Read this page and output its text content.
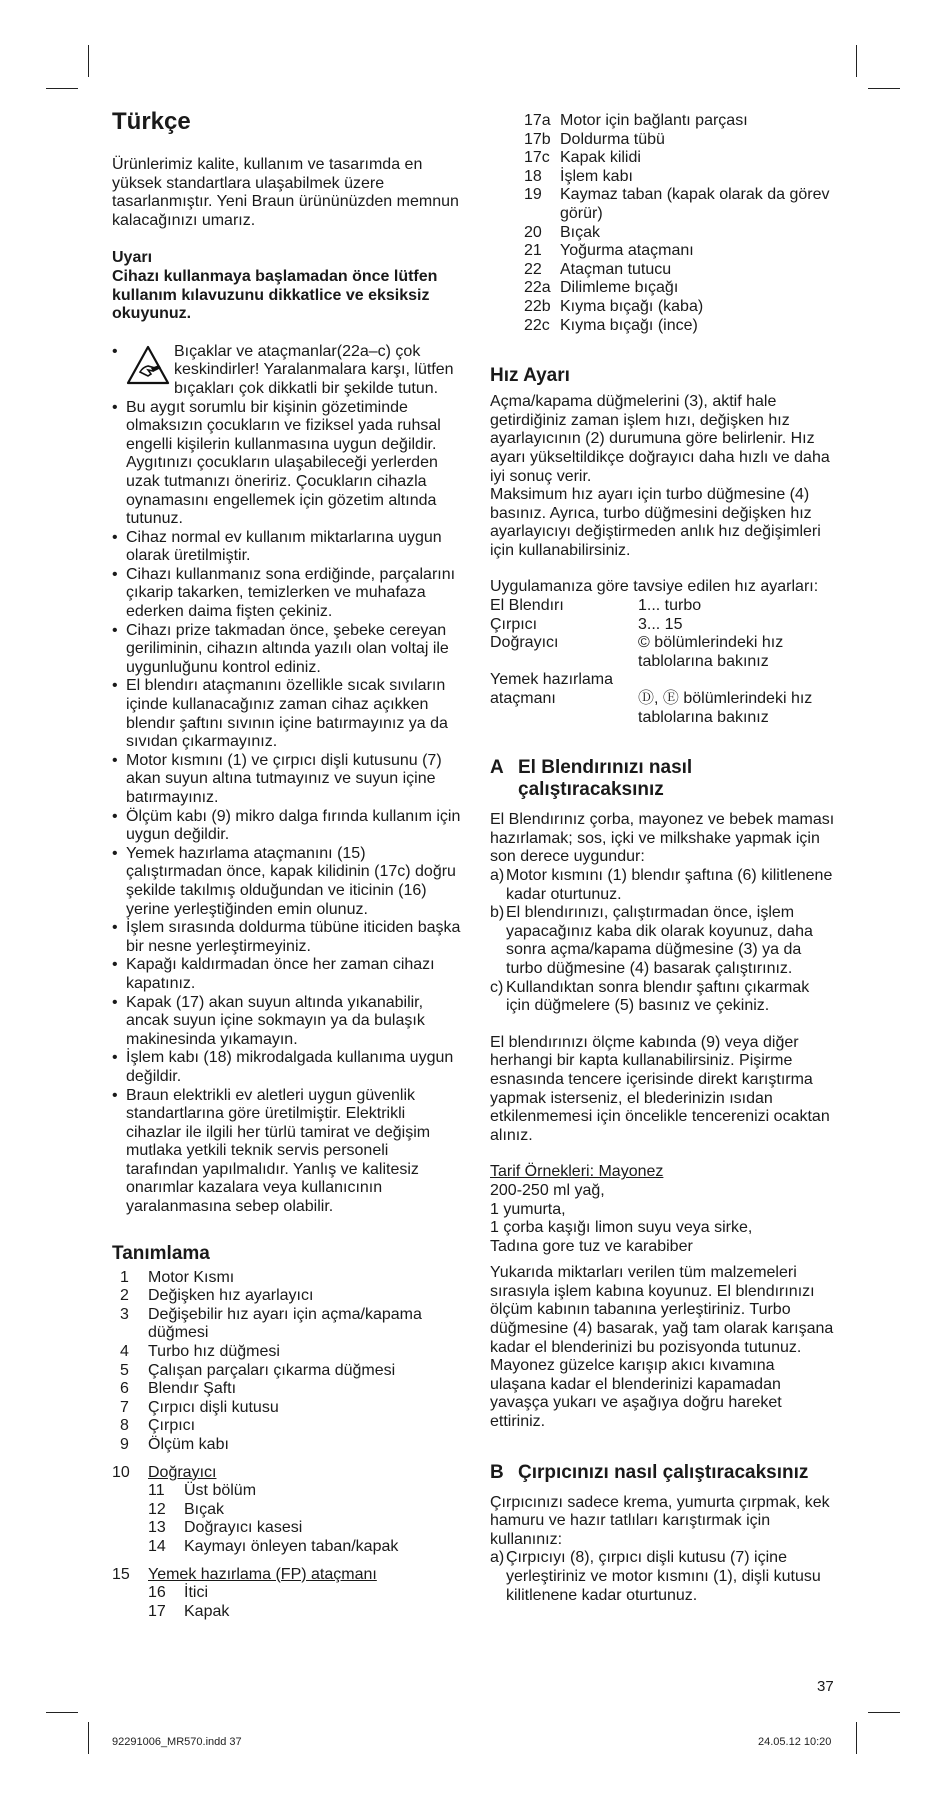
Türkçe

Ürünlerimiz kalite, kullanım ve tasarımda en yüksek standartlara ulaşabilmek üzere tasarlanmıştır. Yeni Braun ürününüzden memnun kalacağınızı umarız.

Uyarı

Cihazı kullanmaya başlamadan önce lütfen kullanım kılavuzunu dikkatlice ve eksiksiz okuyunuz.

• Bıçaklar ve ataçmanlar(22a–c) çok keskindirler! Yaralanmalara karşı, lütfen bıçakları çok dikkatli bir şekilde tutun.
• Bu aygıt sorumlu bir kişinin gözetiminde olmaksızın çocukların ve fiziksel yada ruhsal engelli kişilerin kullanmasına uygun değildir. Aygıtınızı çocukların ulaşabileceği yerlerden uzak tutmanızı öneririz. Çocukların cihazla oynamasını engellemek için gözetim altında tutunuz.
• Cihaz normal ev kullanım miktarlarına uygun olarak üretilmiştir.
• Cihazı kullanmanız sona erdiğinde, parçalarını çıkarip takarken, temizlerken ve muhafaza ederken daima fişten çekiniz.
• Cihazı prize takmadan önce, şebeke cereyan geriliminin, cihazın altında yazılı olan voltaj ile uygunluğunu kontrol ediniz.
• El blendırı ataçmanını özellikle sıcak sıvıların içinde kullanacağınız zaman cihaz açıkken blendır şaftını sıvının içine batırmayınız ya da sıvıdan çıkarmayınız.
• Motor kısmını (1) ve çırpıcı dişli kutusunu (7) akan suyun altına tutmayınız ve suyun içine batırmayınız.
• Ölçüm kabı (9) mikro dalga fırında kullanım için uygun değildir.
• Yemek hazırlama ataçmanını (15) çalıştırmadan önce, kapak kilidinin (17c) doğru şekilde takılmış olduğundan ve iticinin (16) yerine yerleştiğinden emin olunuz.
• İşlem sırasında doldurma tübüne iticiden başka bir nesne yerleştirmeyiniz.
• Kapağı kaldırmadan önce her zaman cihazı kapatınız.
• Kapak (17) akan suyun altında yıkanabilir, ancak suyun içine sokmayın ya da bulaşık makinesinda yıkamayın.
• İşlem kabı (18) mikrodalgada kullanıma uygun değildir.
• Braun elektrikli ev aletleri uygun güvenlik standartlarına göre üretilmiştir. Elektrikli cihazlar ile ilgili her türlü tamirat ve değişim mutlaka yetkili teknik servis personeli tarafından yapılmalıdır. Yanlış ve kalitesiz onarımlar kazalara veya kullanıcının yaralanmasına sebep olabilir.
Tanımlama
1	Motor Kısmı
2	Değişken hız ayarlayıcı
3	Değişebilir hız ayarı için açma/kapama düğmesi
4	Turbo hız düğmesi
5	Çalışan parçaları çıkarma düğmesi
6	Blendır Şaftı
7	Çırpıcı dişli kutusu
8	Çırpıcı
9	Ölçüm kabı
10	Doğrayıcı
11	Üst bölüm
12	Bıçak
13	Doğrayıcı kasesi
14	Kaymayı önleyen taban/kapak
15	Yemek hazırlama (FP) ataçmanı
16	İtici
17	Kapak
17a Motor için bağlantı parçası
17b Doldurma tübü
17c Kapak kilidi
18	İşlem kabı
19	Kaymaz taban (kapak olarak da görev görür)
20	Bıçak
21	Yoğurma ataçmanı
22	Ataçman tutucu
22a Dilimleme bıçağı
22b Kıyma bıçağı (kaba)
22c Kıyma bıçağı (ince)
Hız Ayarı

Açma/kapama düğmelerini (3), aktif hale getirdiğiniz zaman işlem hızı, değişken hız ayarlayıcının (2) durumuna göre belirlenir. Hız ayarı yükseltildikçe doğrayıcı daha hızlı ve daha iyi sonuç verir.

Maksimum hız ayarı için turbo düğmesine (4) basınız. Ayrıca, turbo düğmesini değişken hız ayarlayıcıyı değiştirmeden anlık hız değişimleri için kullanabilirsiniz.

Uygulamanıza göre tavsiye edilen hız ayarları:

El Blendırı	1... turbo
Çırpıcı	3... 15
Doğrayıcı	© bölümlerindeki hız tablolarına bakınız
Yemek hazırlama ataçmanı	Ⓓ, Ⓔ bölümlerindeki hız tablolarına bakınız
A El Blendırınızı nasıl çalıştıracaksınız

El Blendırınız çorba, mayonez ve bebek maması hazırlamak; sos, içki ve milkshake yapmak için son derece uygundur:

a) Motor kısmını (1) blendır şaftına (6) kilitlenene kadar oturtunuz.
b) El blendırınızı, çalıştırmadan önce, işlem yapacağınız kaba dik olarak koyunuz, daha sonra açma/kapama düğmesine (3) ya da turbo düğmesine (4) basarak çalıştırınız.
c) Kullandıktan sonra blendır şaftını çıkarmak için düğmelere (5) basınız ve çekiniz.

El blendırınızı ölçme kabında (9) veya diğer herhangi bir kapta kullanabilirsiniz. Pişirme esnasında tencere içerisinde direkt karıştırma yapmak isterseniz, el blederinizin ısıdan etkilenmemesi için öncelikle tencerenizi ocaktan alınız.

Tarif Örnekleri: Mayonez

200-250 ml yağ,

1 yumurta,

1 çorba kaşığı limon suyu veya sirke,

Tadına gore tuz ve karabiber

Yukarıda miktarları verilen tüm malzemeleri sırasıyla işlem kabına koyunuz. El blendırınızı ölçüm kabının tabanına yerleştiriniz. Turbo düğmesine (4) basarak, yağ tam olarak karışana kadar el blenderinizi bu pozisyonda tutunuz. Mayonez güzelce karışıp akıcı kıvamına ulaşana kadar el blenderinizi kapamadan yavaşça yukarı ve aşağıya doğru hareket ettiriniz.

B Çırpıcınızı nasıl çalıştıracaksınız

Çırpıcınızı sadece krema, yumurta çırpmak, kek hamuru ve hazır tatlıları karıştırmak için kullanınız:

a) Çırpıcıyı (8), çırpıcı dişli kutusu (7) içine yerleştiriniz ve motor kısmını (1), dişli kutusu kilitlenene kadar oturtunuz.
37
92291006_MR570.indd 37	24.05.12 10:20
